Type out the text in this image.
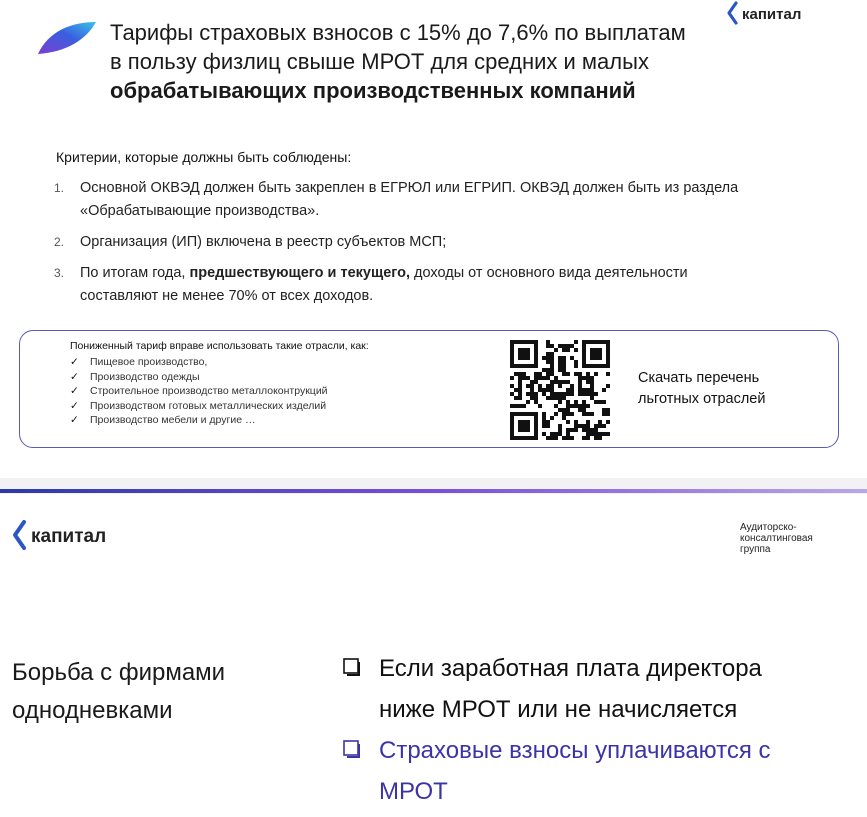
капитал
Тарифы страховых взносов с 15% до 7,6% по выплатам
в пользу физлиц свыше МРОТ для средних и малых
обрабатывающих производственных компаний
Критерии, которые должны быть соблюдены:
1. Основной ОКВЭД должен быть закреплен в ЕГРЮЛ или ЕГРИП. ОКВЭД должен быть из раздела
«Обрабатывающие производства».
2. Организация (ИП) включена в реестр субъектов МСП;
3. По итогам года, предшествующего и текущего, доходы от основного вида деятельности
составляют не менее 70% от всех доходов.
Пониженный тариф вправе использовать такие отрасли, как:
✓ Пищевое производство,
✓ Производство одежды
✓ Строительное производство металлоконтрукций
✓ Производством готовых металлических изделий
✓ Производство мебели и другие …
Скачать перечень
льготных отраслей
капитал	Аудиторско-
консалтинговая
группа
Борьба с фирмами
однодневками
Если заработная плата директора
ниже МРОТ или не начисляется
Страховые взносы уплачиваются с
МРОТ
